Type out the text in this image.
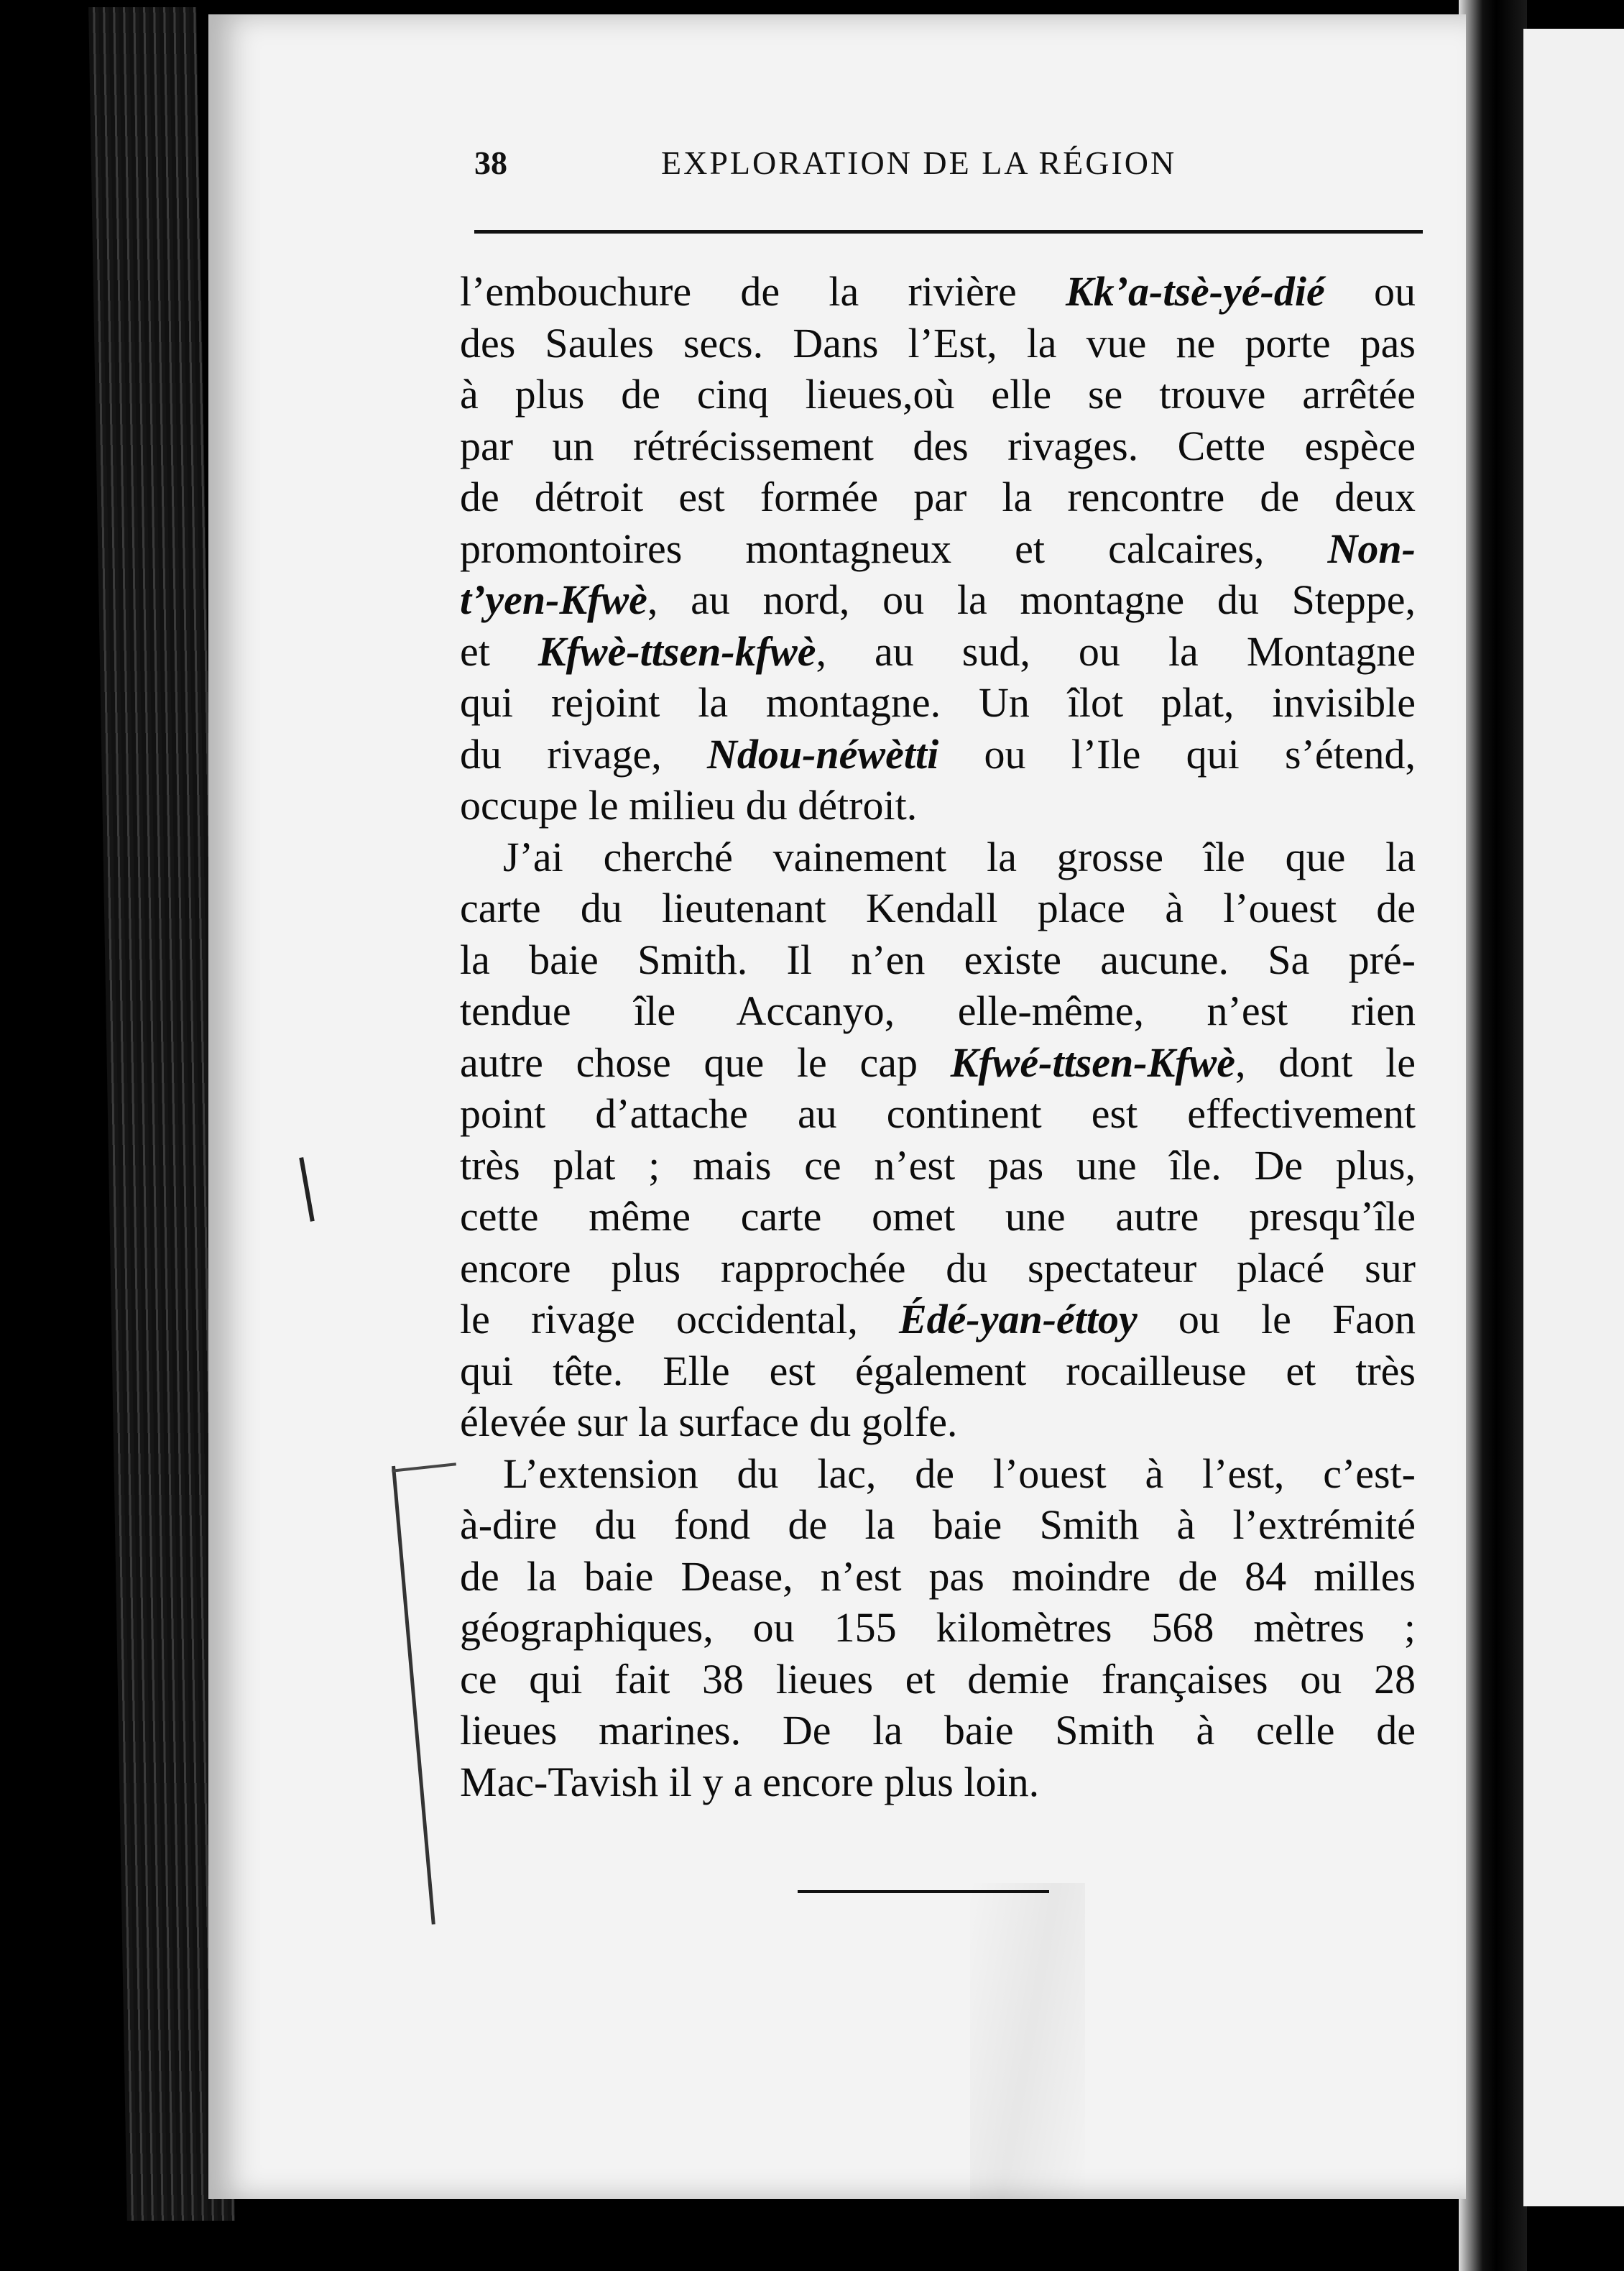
38	EXPLORATION DE LA RÉGION
l’embouchure de la rivière Kk’a-tsè-yé-dié ou
des Saules secs. Dans l’Est, la vue ne porte pas
à plus de cinq lieues,où elle se trouve arrêtée
par un rétrécissement des rivages. Cette espèce
de détroit est formée par la rencontre de deux
promontoires montagneux et calcaires, Non-
t’yen-Kfwè, au nord, ou la montagne du Steppe,
et Kfwè-ttsen-kfwè, au sud, ou la Montagne
qui rejoint la montagne. Un îlot plat, invisible
du rivage, Ndou-néwètti ou l’Ile qui s’étend,
occupe le milieu du détroit.
J’ai cherché vainement la grosse île que la
carte du lieutenant Kendall place à l’ouest de
la baie Smith. Il n’en existe aucune. Sa pré-
tendue île Accanyo, elle-même, n’est rien
autre chose que le cap Kfwé-ttsen-Kfwè, dont le
point d’attache au continent est effectivement
très plat ; mais ce n’est pas une île. De plus,
cette même carte omet une autre presqu’île
encore plus rapprochée du spectateur placé sur
le rivage occidental, Édé-yan-éttoy ou le Faon
qui tête. Elle est également rocailleuse et très
élevée sur la surface du golfe.
L’extension du lac, de l’ouest à l’est, c’est-
à-dire du fond de la baie Smith à l’extrémité
de la baie Dease, n’est pas moindre de 84 milles
géographiques, ou 155 kilomètres 568 mètres ;
ce qui fait 38 lieues et demie françaises ou 28
lieues marines. De la baie Smith à celle de
Mac-Tavish il y a encore plus loin.
